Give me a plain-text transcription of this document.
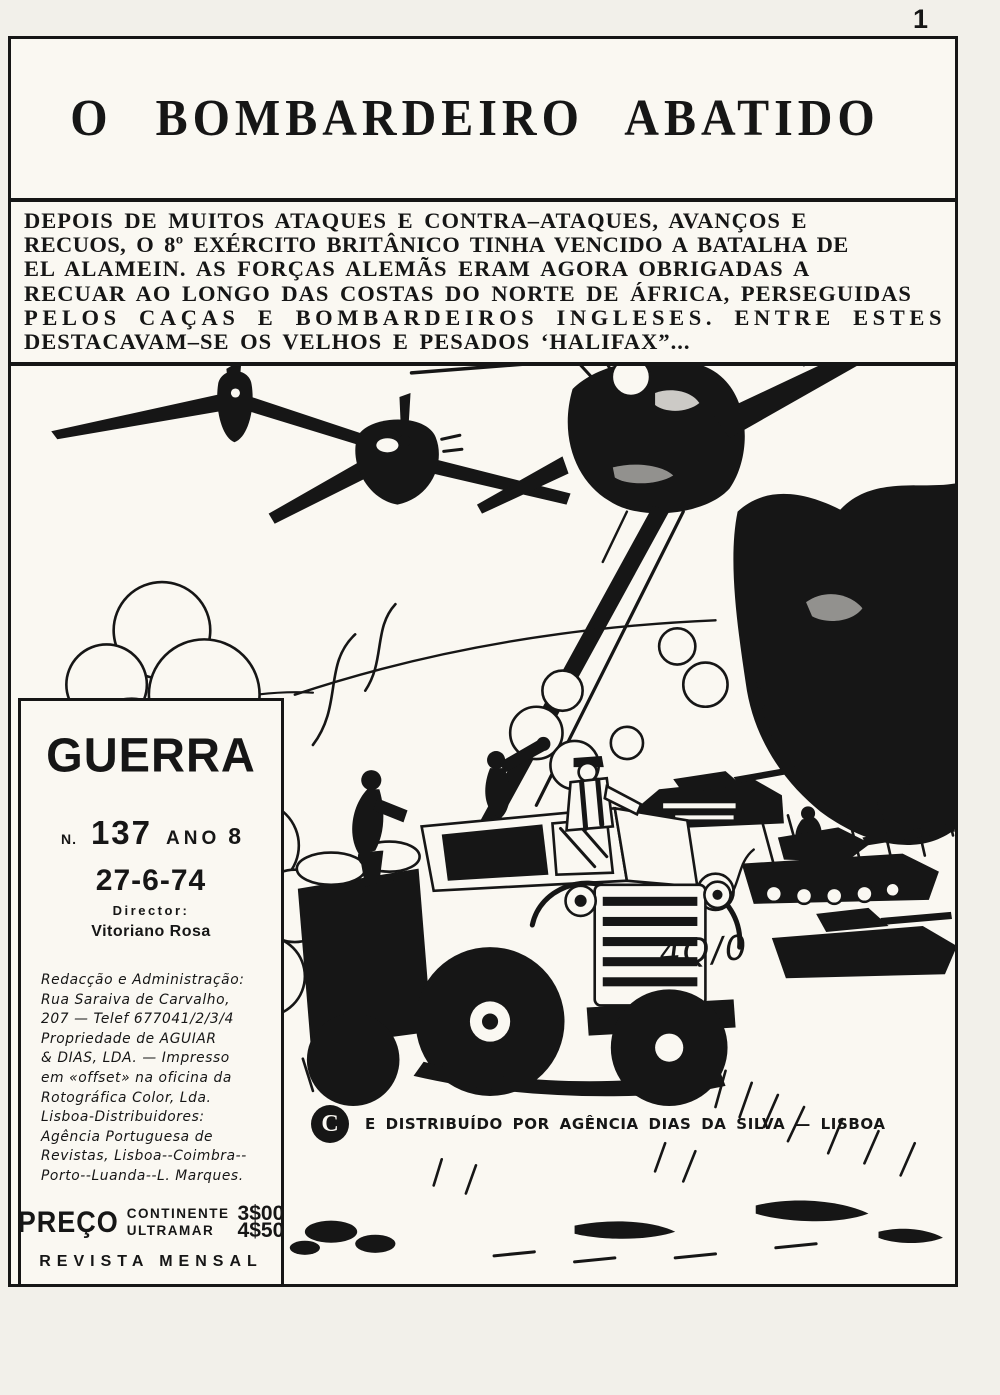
1
O BOMBARDEIRO ABATIDO
DEPOIS DE MUITOS ATAQUES E CONTRA–ATAQUES, AVANÇOS E
RECUOS, O 8º EXÉRCITO BRITÂNICO TINHA VENCIDO A BATALHA DE
EL ALAMEIN. AS FORÇAS ALEMÃS ERAM AGORA OBRIGADAS A
RECUAR AO LONGO DAS COSTAS DO NORTE DE ÁFRICA, PERSEGUIDAS
PELOS CAÇAS E BOMBARDEIROS INGLESES. ENTRE ESTES
DESTACAVAM–SE OS VELHOS E PESADOS ‘HALIFAX”...
C	E DISTRIBUÍDO POR AGÊNCIA DIAS DA SILVA — LISBOA
4Q/0
GUERRA
N. 137 ANO 8
27-6-74
Director:
Vitoriano Rosa
Redacção e Administração:
Rua Saraiva de Carvalho,
207 — Telef 677041/2/3/4
Propriedade de AGUIAR
& DIAS, LDA. — Impresso
em «offset» na oficina da
Rotográfica Color, Lda.
Lisboa-Distribuidores:
Agência Portuguesa de
Revistas, Lisboa--Coimbra--
Porto--Luanda--L. Marques.
PREÇO CONTINENTE
ULTRAMAR
3$00
4$50
REVISTA MENSAL
